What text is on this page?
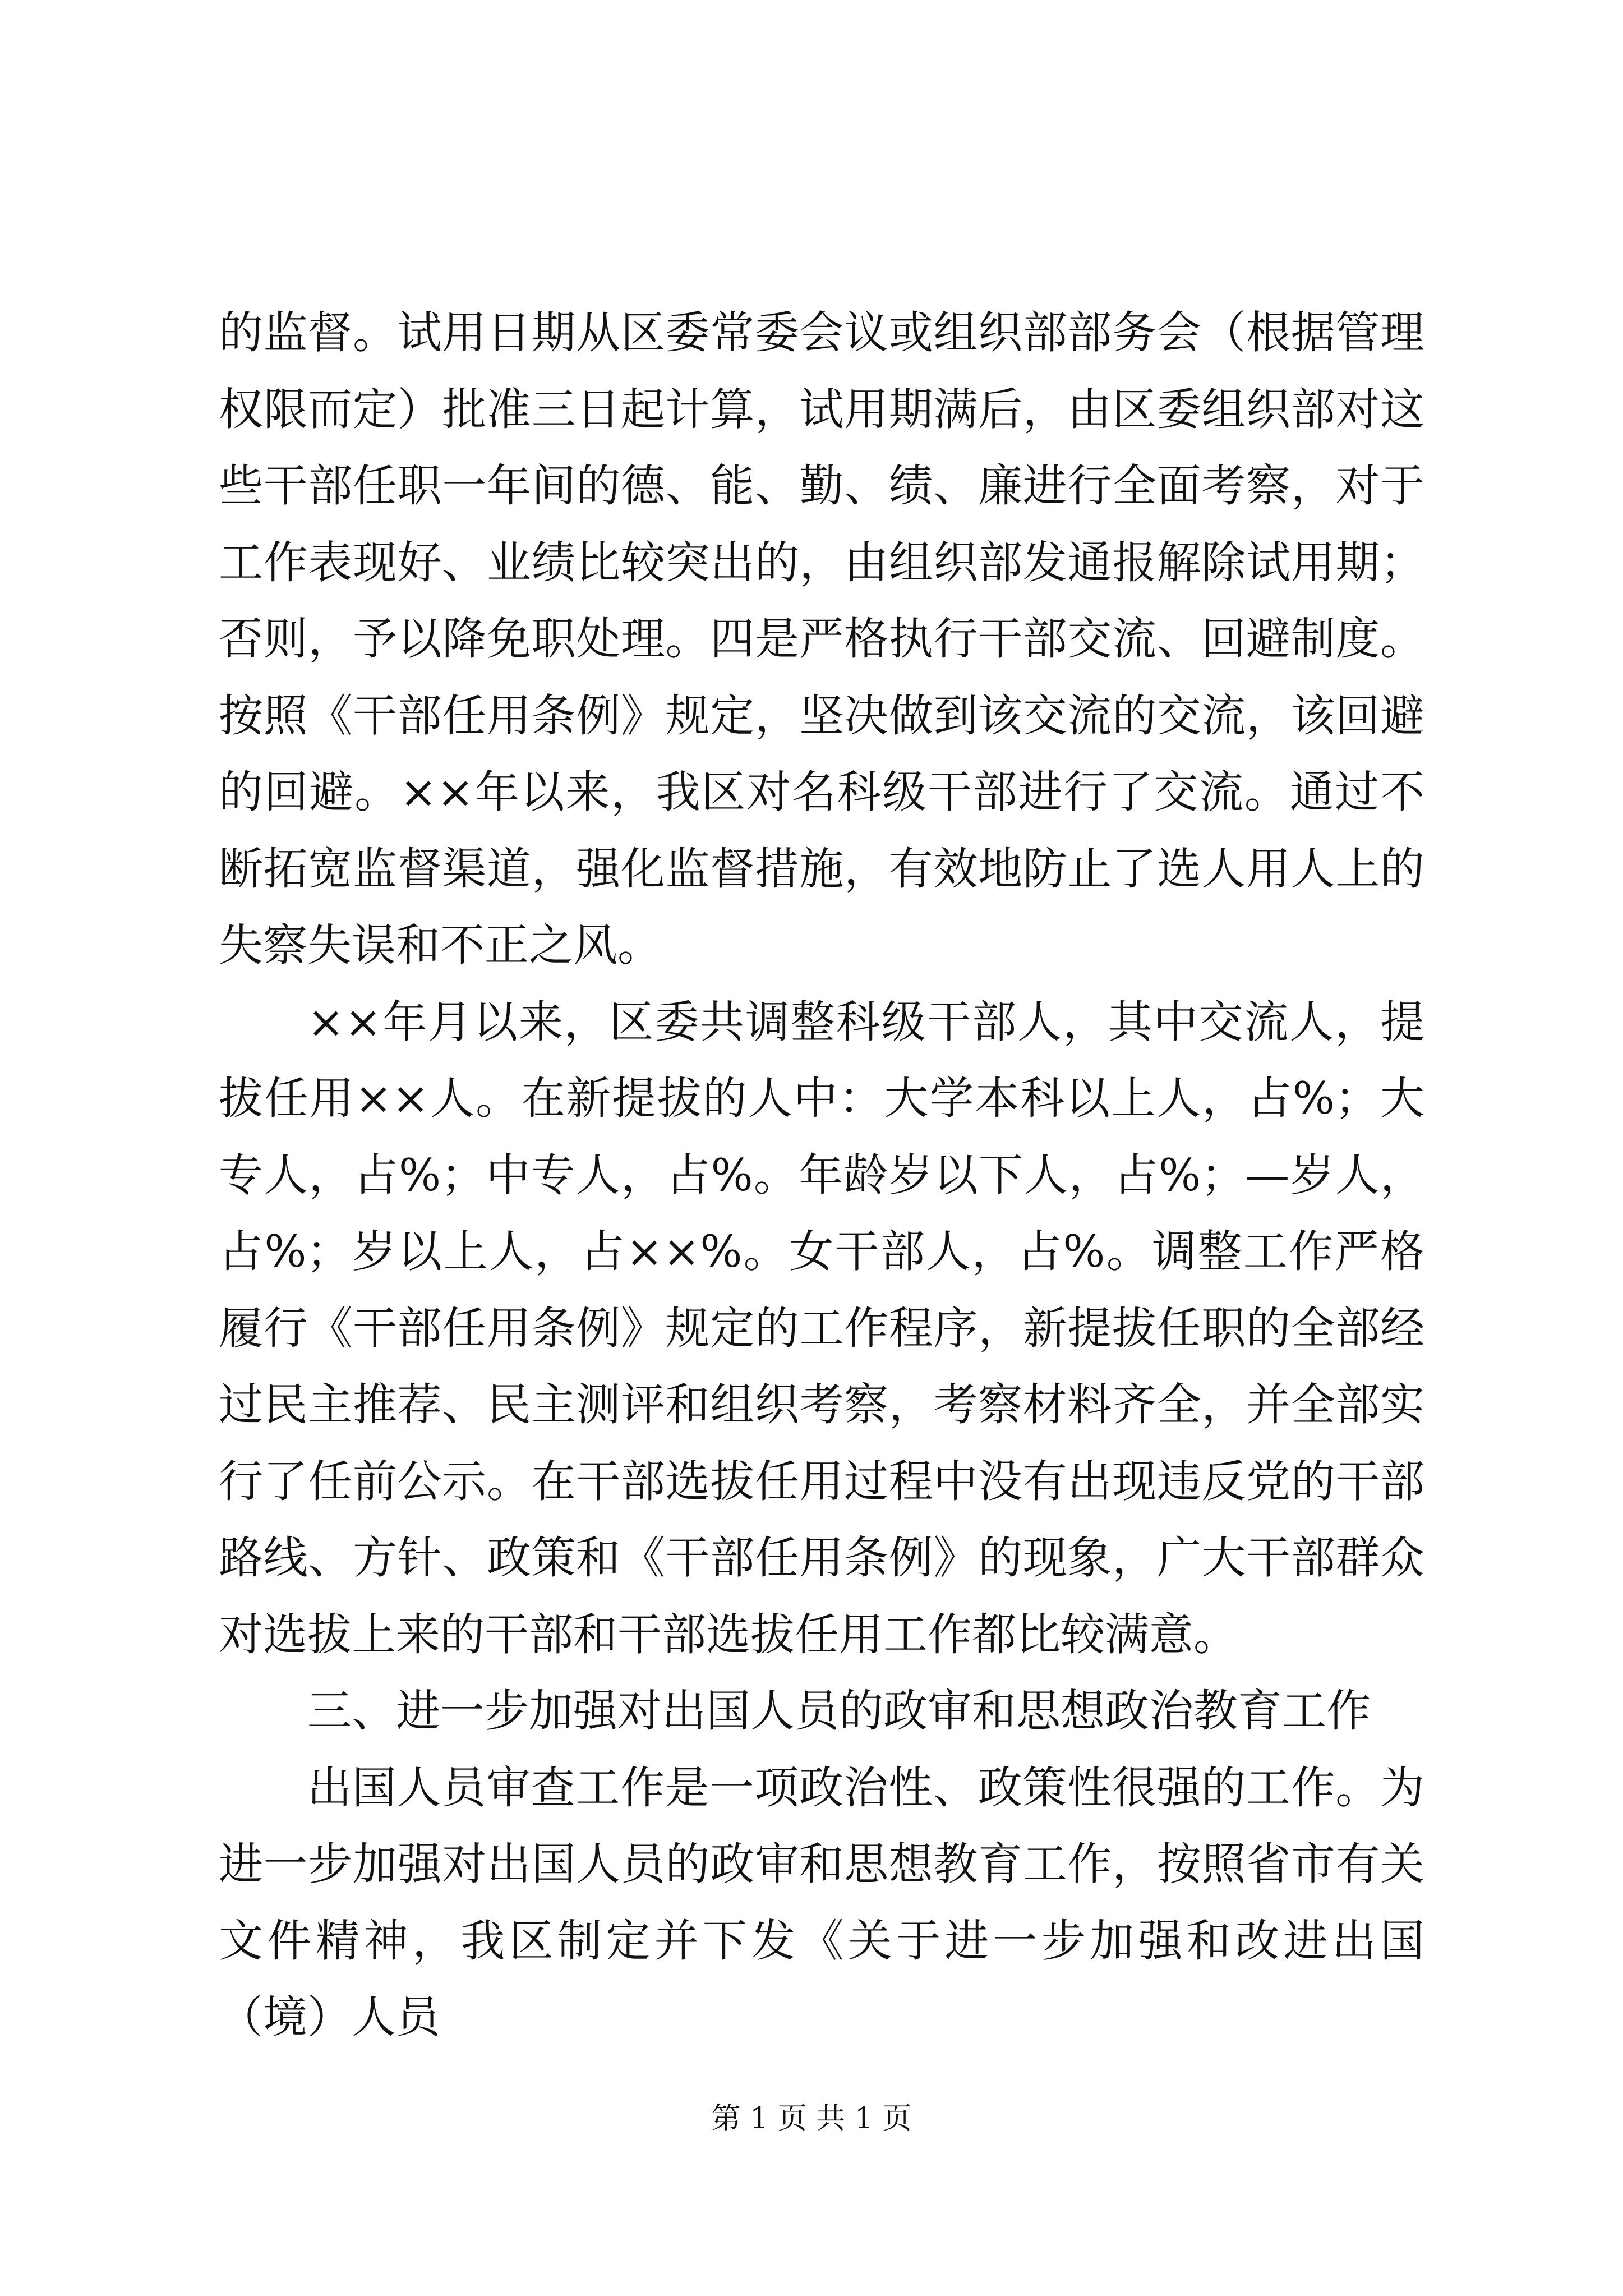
的监督。试用日期从区委常委会议或组织部部务会（根据管理权限而定）批准三日起计算，试用期满后，由区委组织部对这些干部任职一年间的德、能、勤、绩、廉进行全面考察，对于工作表现好、业绩比较突出的，由组织部发通报解除试用期；否则，予以降免职处理。四是严格执行干部交流、回避制度。按照《干部任用条例》规定，坚决做到该交流的交流，该回避的回避。××年以来，我区对名科级干部进行了交流。通过不断拓宽监督渠道，强化监督措施，有效地防止了选人用人上的失察失误和不正之风。

××年月以来，区委共调整科级干部人，其中交流人，提拔任用××人。在新提拔的人中：大学本科以上人，占%；大专人，占%；中专人，占%。年龄岁以下人，占%；—岁人，占%；岁以上人，占××%。女干部人，占%。调整工作严格履行《干部任用条例》规定的工作程序，新提拔任职的全部经过民主推荐、民主测评和组织考察，考察材料齐全，并全部实行了任前公示。在干部选拔任用过程中没有出现违反党的干部路线、方针、政策和《干部任用条例》的现象，广大干部群众对选拔上来的干部和干部选拔任用工作都比较满意。

三、进一步加强对出国人员的政审和思想政治教育工作

出国人员审查工作是一项政治性、政策性很强的工作。为进一步加强对出国人员的政审和思想教育工作，按照省市有关文件精神，我区制定并下发《关于进一步加强和改进出国（境）人员

第 1 页 共 1 页
